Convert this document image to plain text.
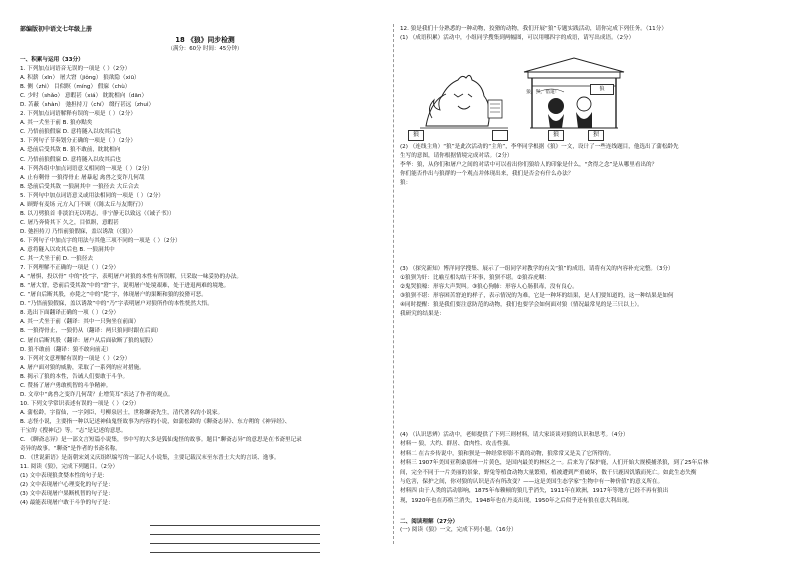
部编版初中语文七年级上册
18 《狼》同步检测
（满分：60分 时间：45分钟）
一、积累与运用（33分）
1. 下列加点词语音无误的一项是（ ）（2分）
A. 积薪（xīn） 屠大窘（jiǒng） 狼欲隐（xiū）
B. 侧（zhì） 目似瞑（míng） 假寐（chù）
C. 少时（shǎo） 意暇甚（xiá） 眈眈相向（dān）
D. 苫蔽（shàn） 弛担持刀（chí） 缀行甚远（zhuì）
2. 下列加点词语解释有误的一项是（ ）（2分）
A. 其一犬坐于前 B. 狼亦黠矣
C. 乃悟前狼假寐 D. 意将隧入以攻其后也
3. 下列句子节奏划分正确的一项是（ ）（2分）
A. 恐前后受其敌 B. 狼不敢前，眈眈相向
C. 乃悟前狼假寐 D. 意将隧入以攻其后也
4. 下列各组中加点词语意义相同的一项是（ ）（2分）
A. 止有剩骨 一狼得骨止 屠暴起 禽兽之变诈几何哉
B. 恐前后受其敌 一狼洞其中 一狼径去 大丘合去
5. 下列句中加点词语意义或用法相同的一项是（ ）（2分）
A. 顾野有麦场 元方入门不顾（《陈太丘与友期行》）
B. 以刀劈狼首 非淡泊无以明志，非宁静无以致远（《诫子书》）
C. 屠乃奔倚其下 久之，目似瞑，意暇甚
D. 弛担持刀 乃悟前狼假寐，盖以诱敌（《狼》）
6. 下列句子中加点字的用法与其他三项不同的一项是（ ）（2分）
A. 意将隧入以攻其后也 B. 一狼洞其中
C. 其一犬坐于前 D. 一狼径去
7. 下列理解不正确的一项是（ ）（2分）
A. “屠惧，投以骨” 中的“投”字，表明屠户对狼的本性有所误解，只采取一味妥协的办法。
B. “屠大窘，恐前后受其敌”中的“窘”字，说明屠户处境艰难，处于进退两难的境地。
C. “屠自后断其股，亦毙之”中的“毙”字，体现屠户的果断和狼的狡猾可恶。
D. “乃悟前狼假寐，盖以诱敌”中的“乃”字表明屠户对狼所作的本性恍然大悟。
8. 选出下面翻译正确的一项（ ）（2分）
A. 其一犬坐于前（翻译：其中一只狗坐在前面）
B. 一狼得骨止，一狼仍从（翻译：两只狼同时跟在后面）
C. 屠自后断其股（翻译：屠户从后面砍断了狼的屁股）
D. 狼不敢前（翻译：狼不敢向前走）
9. 下列对文意理解有误的一项是（ ）（2分）
A. 屠户面对狼的威胁，采取了一系列的应对措施。
B. 揭示了狼的本性，告诫人们要敢于斗争。
C. 赞扬了屠户勇敢机智的斗争精神。
D. 文章中“禽兽之变诈几何哉？止增笑耳”表达了作者的观点。
10. 下列文学常识表述有误的一项是（ ）（2分）
A. 蒲松龄，字留仙，一字剑臣，号柳泉居士，世称聊斋先生，清代著名的小说家。
B. 志怪小说，主要指一种以记述神仙鬼怪故事为内容的小说，如蒲松龄的《聊斋志异》、东方朔的《神异经》、
干宝的《搜神记》等。“志”是记述的意思。
C. 《聊斋志异》是一部文言短篇小说集，书中写的大多是狐仙鬼怪的故事。题目“聊斋志异”的意思是在书斋里记录
奇异的故事。“聊斋”是作者的书斋名称。
D. 《世说新语》是南朝宋刘义庆组织编写的一部记人小说集，主要记载汉末至东晋士大夫的言谈、逸事。
11. 阅读《狼》，完成下列题目。（2分）
(1) 文中表现狼贪婪本性的句子是：
(2) 文中表现屠户心理变化的句子是：
(3) 文中表现屠户果断机智的句子是：
(4) 最能表现屠户敢于斗争的句子是：
12. 狼是我们十分熟悉的一种动物，狡猾的动物，我们开展“狼”专题实践活动，请你完成下列任务。（11分）
(1) （成语积累）活动中，小组同学搜集到两幅图，可以用哪四字的成语，请写出成语。（2分）
狼
狼
狼，狈，借道！
狼	狈
(2) （连线主角）“狼”是此次活动的“主角”，李华同学根据《狼》一文，设计了一些连线题目，他选出了蒲松龄先
生写的意图，请你根据情境完成对话。（2分）
李华：狼，从你们和屠户之间的对话中可以看出你们狼给人的印象是什么，"贪得之念”是从哪里看出的？
你们能否作出与狼群的一个观点并体现出来，我们是否会有什么办法？
狼：
(3) （探究新知）博洋同学搜集、展示了一组同学对教学的有关“狼”的成语，请将有关的内容补充完整。（3分）
①狼狈为奸：比喻互相勾结干坏事，狼狈不堪。②狼吞虎咽：
②鬼哭狼嚎：形容大声哭叫。③狼心狗肺：形容人心肠狠毒，没有良心。
③狼狈不堪：形容困苦窘迫的样子，表示情况的为难，它是一种坏的结果，是人们要知道的，这一种结果是如何
④同时提醒：狼是我们要注意防范的动物，我们也要学会如何面对狼（情况最常见的是三只以上）。
我研究的结果是：
(4) （认识思辨）活动中，老师提供了下列三则材料，请大家谈谈对狼的认识和思考。（4分）
材料一 狼，大约、群居、食肉性、攻击性强。
材料二 在古乡传说中，狼和狈是一种经常形影不离的动物，狼常常又是关了它所得的。
材料三 1907年美国亚利桑那州一片黄色，是国内最美的林区之一。后来为了保护鹿，人们开始大规模捕杀狼，到了25年后林
间，完全不同于一片美丽的景象，野兔等植食动物大量繁殖，植被遭到严重破坏，数千只鹿因饥饿而死亡。如此生态失衡
与危害，保护之间，你对狼的认识是否有所改变？——这是美国生态学家“生物中有一种价值”的意义所在。
材料四 由于人类的活动影响，1875年布赖顿的狼几乎消失，1911年在欧洲，1917年等地方已经不再有狼出
现，1920年也在苏格兰消失，1948年也在丹麦出现，1950年之后似乎还有狼在意大利出现。
二、阅读理解（27分）
(一) 阅读《狼》一文，完成下列小题。（16分）
